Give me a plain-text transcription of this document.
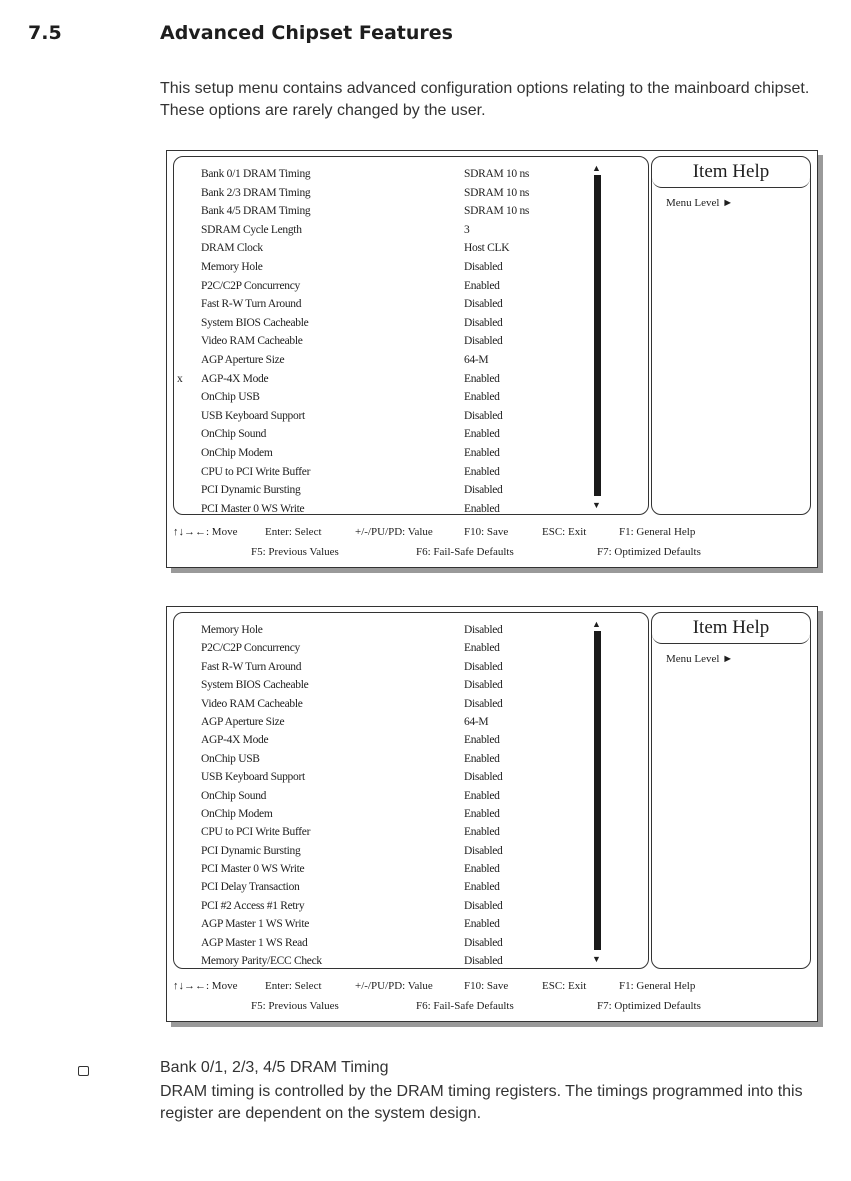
7.5	Advanced Chipset Features
This setup menu contains advanced configuration options relating to the mainboard chipset. These options are rarely changed by the user.
Bank 0/1 DRAM Timing	SDRAM 10 ns
Bank 2/3 DRAM Timing	SDRAM 10 ns
Bank 4/5 DRAM Timing	SDRAM 10 ns
SDRAM Cycle Length	3
DRAM Clock	Host CLK
Memory Hole	Disabled
P2C/C2P Concurrency	Enabled
Fast R-W Turn Around	Disabled
System BIOS Cacheable	Disabled
Video RAM Cacheable	Disabled
AGP Aperture Size	64-M
x AGP-4X Mode	Enabled
OnChip USB	Enabled
USB Keyboard Support	Disabled
OnChip Sound	Enabled
OnChip Modem	Enabled
CPU to PCI Write Buffer	Enabled
PCI Dynamic Bursting	Disabled
PCI Master 0 WS Write	Enabled
▲
▼
Item Help
Menu Level ►
↑↓→←: Move	Enter: Select	+/-/PU/PD: Value	F10: Save	ESC: Exit	F1: General Help
F5: Previous Values	F6: Fail-Safe Defaults	F7: Optimized Defaults
Memory Hole	Disabled
P2C/C2P Concurrency	Enabled
Fast R-W Turn Around	Disabled
System BIOS Cacheable	Disabled
Video RAM Cacheable	Disabled
AGP Aperture Size	64-M
AGP-4X Mode	Enabled
OnChip USB	Enabled
USB Keyboard Support	Disabled
OnChip Sound	Enabled
OnChip Modem	Enabled
CPU to PCI Write Buffer	Enabled
PCI Dynamic Bursting	Disabled
PCI Master 0 WS Write	Enabled
PCI Delay Transaction	Enabled
PCI #2 Access #1 Retry	Disabled
AGP Master 1 WS Write	Enabled
AGP Master 1 WS Read	Disabled
Memory Parity/ECC Check	Disabled
▲
▼
Item Help
Menu Level ►
↑↓→←: Move	Enter: Select	+/-/PU/PD: Value	F10: Save	ESC: Exit	F1: General Help
F5: Previous Values	F6: Fail-Safe Defaults	F7: Optimized Defaults
Bank 0/1, 2/3, 4/5 DRAM Timing
DRAM timing is controlled by the DRAM timing registers. The timings programmed into this register are dependent on the system design.
